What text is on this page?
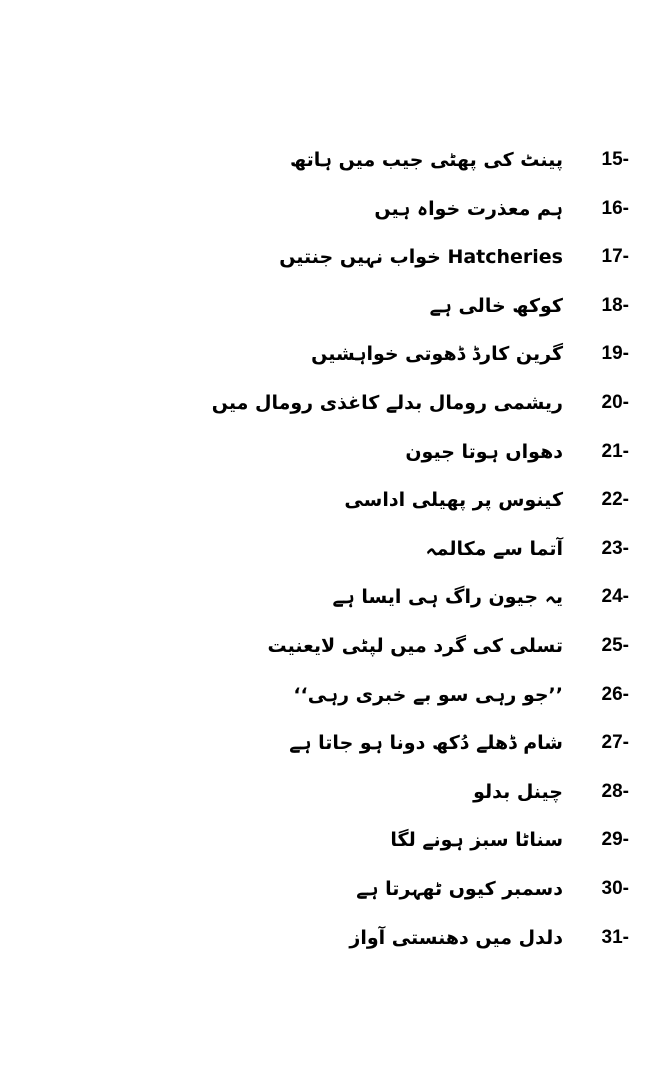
15-
پینٹ کی پھٹی جیب میں ہاتھ
16-
ہم معذرت خواہ ہیں
17-
Hatcheries خواب نہیں جنتیں
18-
کوکھ خالی ہے
19-
گرین کارڈ ڈھوتی خواہشیں
20-
ریشمی رومال بدلے کاغذی رومال میں
21-
دھواں ہوتا جیون
22-
کینوس پر پھیلی اداسی
23-
آتما سے مکالمہ
24-
یہ جیون راگ ہی ایسا ہے
25-
تسلی کی گرد میں لپٹی لایعنیت
26-
’’جو رہی سو بے خبری رہی‘‘
27-
شام ڈھلے دُکھ دونا ہو جاتا ہے
28-
چینل بدلو
29-
سناٹا سبز ہونے لگا
30-
دسمبر کیوں ٹھہرتا ہے
31-
دلدل میں دھنستی آواز
